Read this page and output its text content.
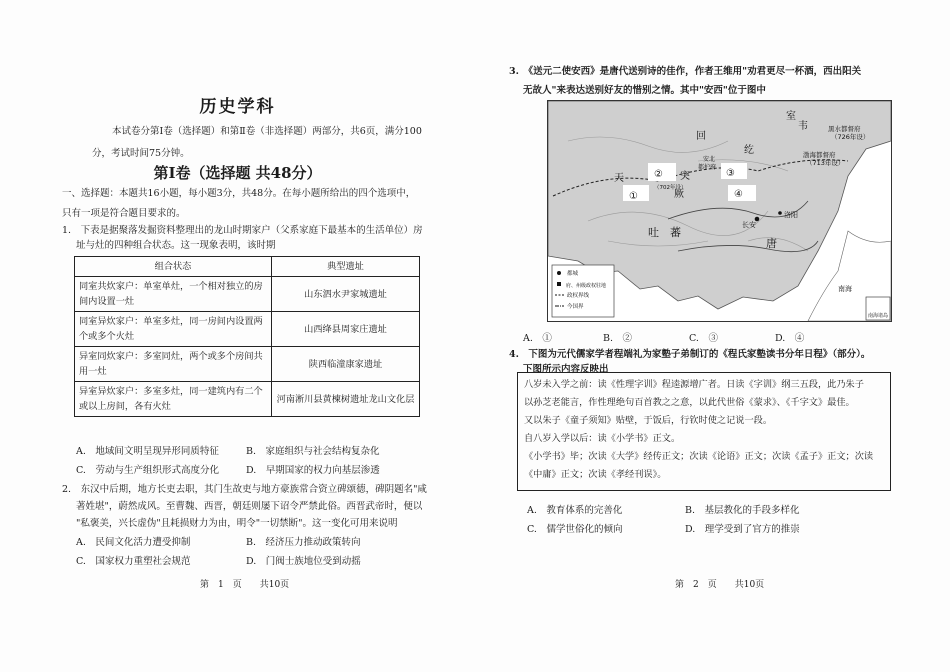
历史学科
本试卷分第Ⅰ卷（选择题）和第Ⅱ卷（非选择题）两部分，共6页，满分100
分，考试时间75分钟。
第Ⅰ卷（选择题 共48分）
一、选择题：本题共16小题，每小题3分，共48分。在每小题所给出的四个选项中，
只有一项是符合题目要求的。
1.　下表是据聚落发掘资料整理出的龙山时期家户（父系家庭下最基本的生活单位）房
址与灶的四种组合状态。这一现象表明，该时期
组合状态	典型遗址
同室共炊家户：单室单灶，一个相对独立的房
间内设置一灶	山东泗水尹家城遗址
同室异炊家户：单室多灶，同一房间内设置两
个或多个火灶	山西绛县周家庄遗址
异室同炊家户：多室同灶，两个或多个房间共
用一灶	陕西临潼康家遗址
异室异炊家户：多室多灶，同一建筑内有二个
或以上房间，各有火灶	河南淅川县黄楝树遗址龙山文化层
A.　地域间文明呈现异形同质特征	B.　家庭组织与社会结构复杂化
C.　劳动与生产组织形式高度分化	D.　早期国家的权力向基层渗透
2.　东汉中后期，地方长吏去职，其门生故吏与地方豪族常合资立碑颂德，碑阴题名"咸
著姓堪"，蔚然成风。至曹魏、西晋，朝廷则屡下诏令严禁此俗。西晋武帝时，便以
"私褒美，兴长虚伪"且耗损财力为由，明令"一切禁断"。这一变化可用来说明
A.　民间文化活力遭受抑制	B.　经济压力推动政策转向
C.　国家权力重塑社会规范	D.　门阀士族地位受到动摇
第　1　页　　共10页
3.　《送元二使安西》是唐代送别诗的佳作，作者王维用"劝君更尽一杯酒，西出阳关
无故人"来表达送别好友的惜别之情。其中"安西"位于图中
室
韦	黑水都督府
（726年设）
渤海都督府
（713年设）
回
纥
天
安北
都护府
突
厥
吐　蕃
唐
长安
洛阳
②
①
③
④
（702年设）
南海
都城
府、州级政权驻地
政权界线
今国界
南海诸岛
A.　①	B.　②	C.　③	D.　④
4.　下图为元代儒家学者程端礼为家塾子弟制订的《程氏家塾读书分年日程》（部分）。
下图所示内容反映出
八岁未入学之前：读《性理字训》程逵源增广者。日读《字训》纲三五段，此乃朱子
以孙芝老能言，作性理绝句百首教之之意，以此代世俗《蒙求》、《千字文》最佳。
又以朱子《童子须知》贴壁，于饭后，行钦时使之记说一段。
自八岁入学以后：读《小学书》正文。
《小学书》毕；次读《大学》经传正文；次读《论语》正文；次读《孟子》正文；次读
《中庸》正文；次读《孝经刊误》。
A.　教育体系的完善化	B.　基层教化的手段多样化
C.　儒学世俗化的倾向	D.　理学受到了官方的推崇
第　2　页　　共10页
